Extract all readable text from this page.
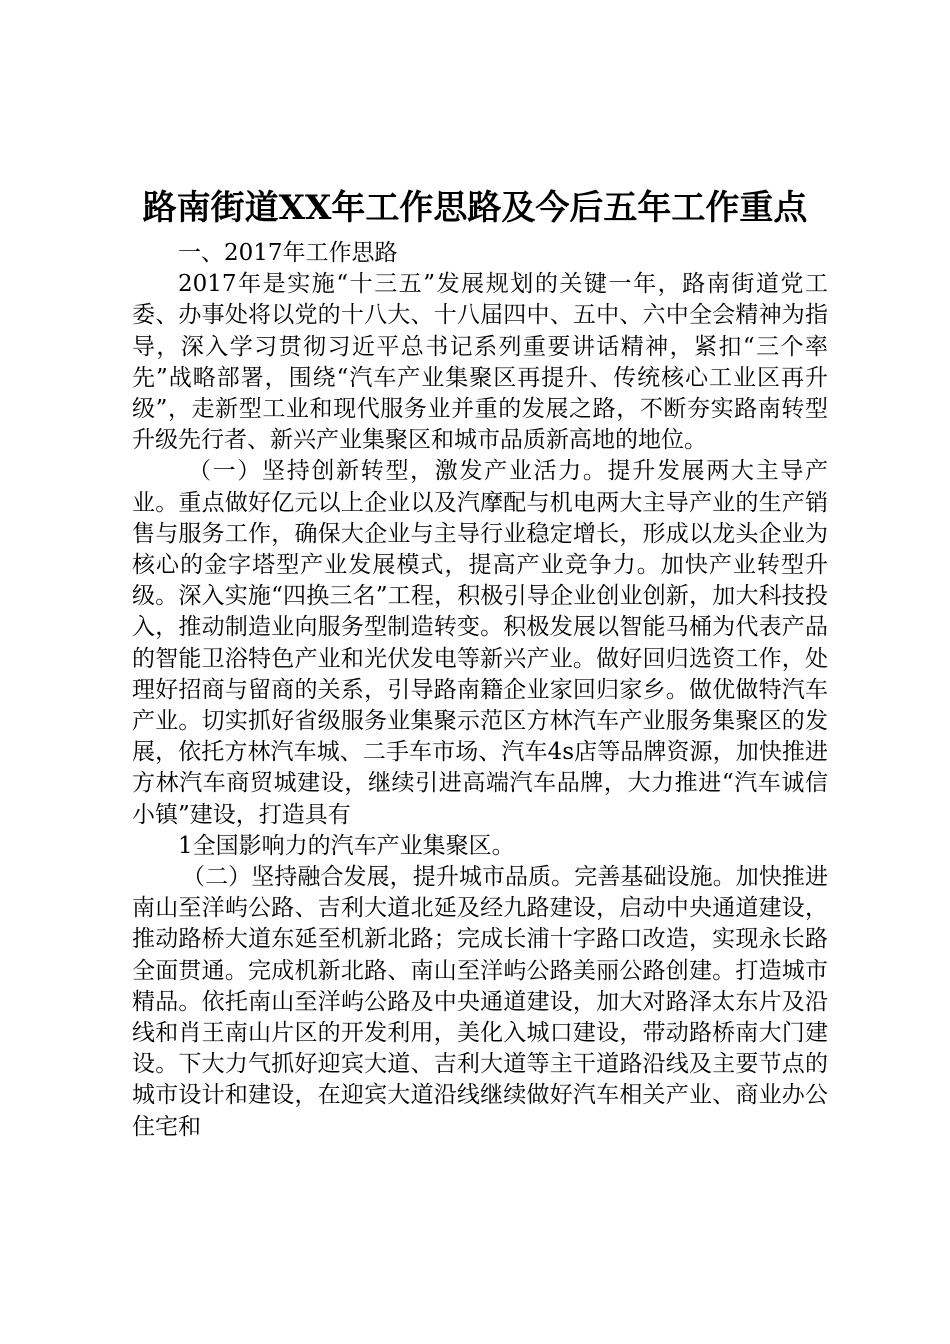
路南街道XX年工作思路及今后五年工作重点

一、2017年工作思路

2017年是实施“十三五”发展规划的关键一年，路南街道党工委、办事处将以党的十八大、十八届四中、五中、六中全会精神为指导，深入学习贯彻习近平总书记系列重要讲话精神，紧扣“三个率先”战略部署，围绕“汽车产业集聚区再提升、传统核心工业区再升级”，走新型工业和现代服务业并重的发展之路，不断夯实路南转型升级先行者、新兴产业集聚区和城市品质新高地的地位。

（一）坚持创新转型，激发产业活力。提升发展两大主导产业。重点做好亿元以上企业以及汽摩配与机电两大主导产业的生产销售与服务工作，确保大企业与主导行业稳定增长，形成以龙头企业为核心的金字塔型产业发展模式，提高产业竞争力。加快产业转型升级。深入实施“四换三名”工程，积极引导企业创业创新，加大科技投入，推动制造业向服务型制造转变。积极发展以智能马桶为代表产品的智能卫浴特色产业和光伏发电等新兴产业。做好回归选资工作，处理好招商与留商的关系，引导路南籍企业家回归家乡。做优做特汽车产业。切实抓好省级服务业集聚示范区方林汽车产业服务集聚区的发展，依托方林汽车城、二手车市场、汽车4s店等品牌资源，加快推进方林汽车商贸城建设，继续引进高端汽车品牌，大力推进“汽车诚信小镇”建设，打造具有

1全国影响力的汽车产业集聚区。

（二）坚持融合发展，提升城市品质。完善基础设施。加快推进南山至洋屿公路、吉利大道北延及经九路建设，启动中央通道建设，推动路桥大道东延至机新北路；完成长浦十字路口改造，实现永长路全面贯通。完成机新北路、南山至洋屿公路美丽公路创建。打造城市精品。依托南山至洋屿公路及中央通道建设，加大对路泽太东片及沿线和肖王南山片区的开发利用，美化入城口建设，带动路桥南大门建设。下大力气抓好迎宾大道、吉利大道等主干道路沿线及主要节点的城市设计和建设，在迎宾大道沿线继续做好汽车相关产业、商业办公住宅和
